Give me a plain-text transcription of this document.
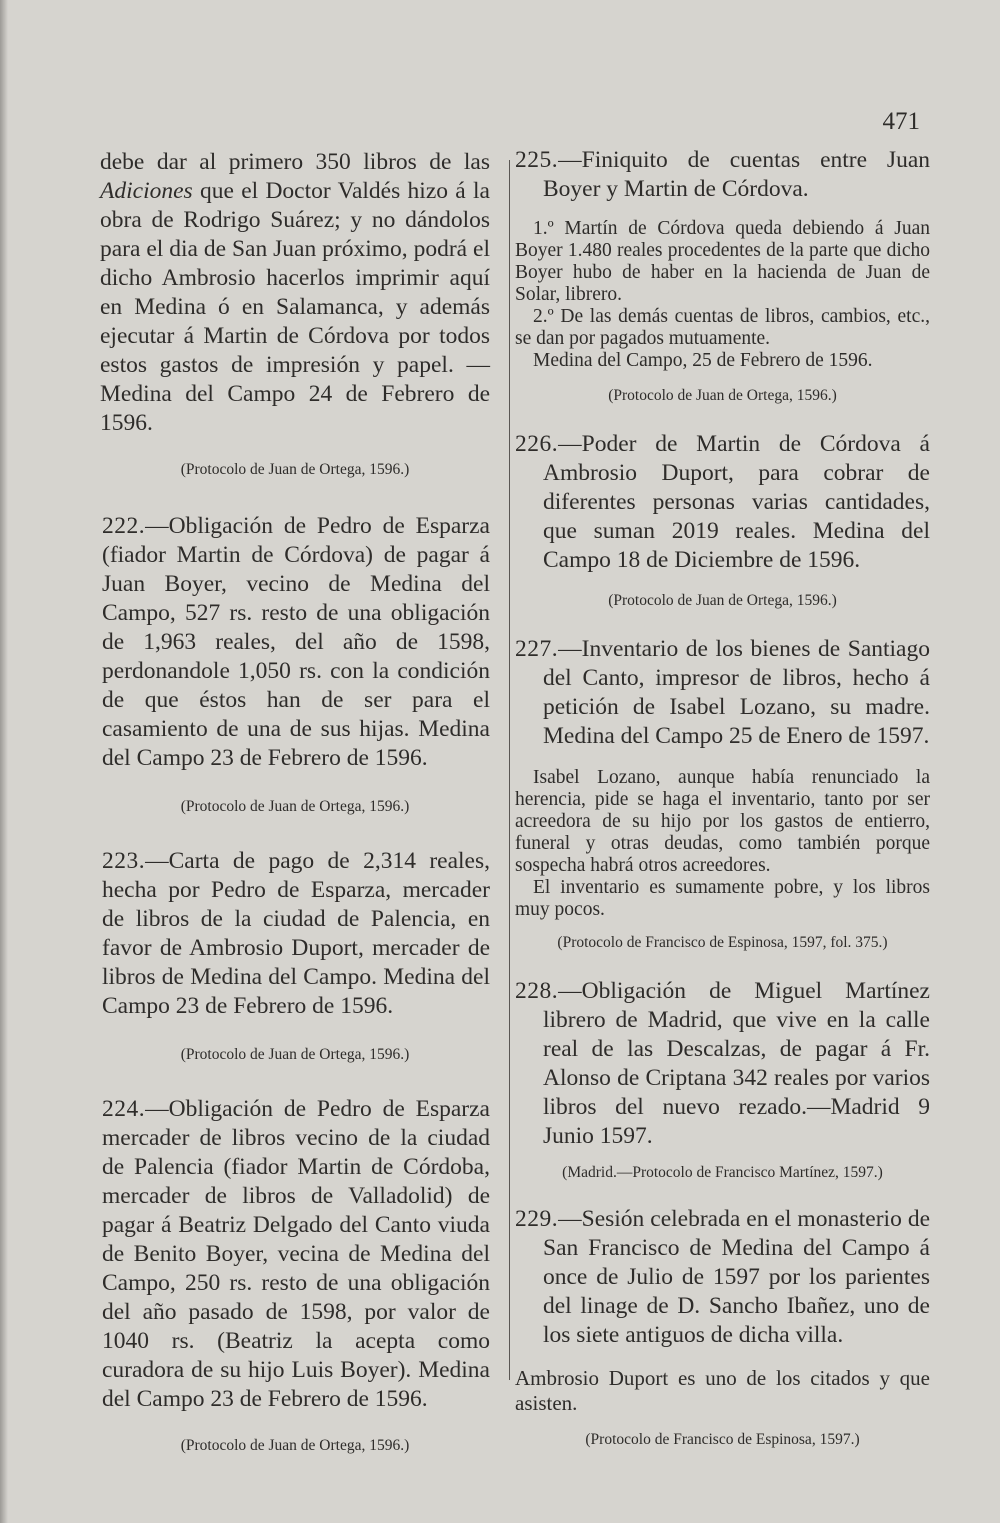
471

debe dar al primero 350 libros de las Adiciones que el Doctor Valdés hizo á la obra de Rodrigo Suárez; y no dándolos para el dia de San Juan próximo, podrá el dicho Ambrosio hacerlos imprimir aquí en Medina ó en Salamanca, y además ejecutar á Martin de Córdova por todos estos gastos de impresión y papel. — Medina del Campo 24 de Febrero de 1596.

(Protocolo de Juan de Ortega, 1596.)

222.—Obligación de Pedro de Esparza (fiador Martin de Córdova) de pagar á Juan Boyer, vecino de Medina del Campo, 527 rs. resto de una obligación de 1,963 reales, del año de 1598, perdonandole 1,050 rs. con la condición de que éstos han de ser para el casamiento de una de sus hijas. Medina del Campo 23 de Febrero de 1596.

(Protocolo de Juan de Ortega, 1596.)

223.—Carta de pago de 2,314 reales, hecha por Pedro de Esparza, mercader de libros de la ciudad de Palencia, en favor de Ambrosio Duport, mercader de libros de Medina del Campo. Medina del Campo 23 de Febrero de 1596.

(Protocolo de Juan de Ortega, 1596.)

224.—Obligación de Pedro de Esparza mercader de libros vecino de la ciudad de Palencia (fiador Martin de Córdoba, mercader de libros de Valladolid) de pagar á Beatriz Delgado del Canto viuda de Benito Boyer, vecina de Medina del Campo, 250 rs. resto de una obligación del año pasado de 1598, por valor de 1040 rs. (Beatriz la acepta como curadora de su hijo Luis Boyer). Medina del Campo 23 de Febrero de 1596.

(Protocolo de Juan de Ortega, 1596.)

225.—Finiquito de cuentas entre Juan Boyer y Martin de Córdova.

1.º Martín de Córdova queda debiendo á Juan Boyer 1.480 reales procedentes de la parte que dicho Boyer hubo de haber en la hacienda de Juan de Solar, librero.

2.º De las demás cuentas de libros, cambios, etc., se dan por pagados mutuamente.

Medina del Campo, 25 de Febrero de 1596.

(Protocolo de Juan de Ortega, 1596.)

226.—Poder de Martin de Córdova á Ambrosio Duport, para cobrar de diferentes personas varias cantidades, que suman 2019 reales. Medina del Campo 18 de Diciembre de 1596.

(Protocolo de Juan de Ortega, 1596.)

227.—Inventario de los bienes de Santiago del Canto, impresor de libros, hecho á petición de Isabel Lozano, su madre. Medina del Campo 25 de Enero de 1597.

Isabel Lozano, aunque había renunciado la herencia, pide se haga el inventario, tanto por ser acreedora de su hijo por los gastos de entierro, funeral y otras deudas, como también porque sospecha habrá otros acreedores.

El inventario es sumamente pobre, y los libros muy pocos.

(Protocolo de Francisco de Espinosa, 1597, fol. 375.)

228.—Obligación de Miguel Martínez librero de Madrid, que vive en la calle real de las Descalzas, de pagar á Fr. Alonso de Criptana 342 reales por varios libros del nuevo rezado.—Madrid 9 Junio 1597.

(Madrid.—Protocolo de Francisco Martínez, 1597.)

229.—Sesión celebrada en el monasterio de San Francisco de Medina del Campo á once de Julio de 1597 por los parientes del linage de D. Sancho Ibañez, uno de los siete antiguos de dicha villa.

Ambrosio Duport es uno de los citados y que asisten.

(Protocolo de Francisco de Espinosa, 1597.)
